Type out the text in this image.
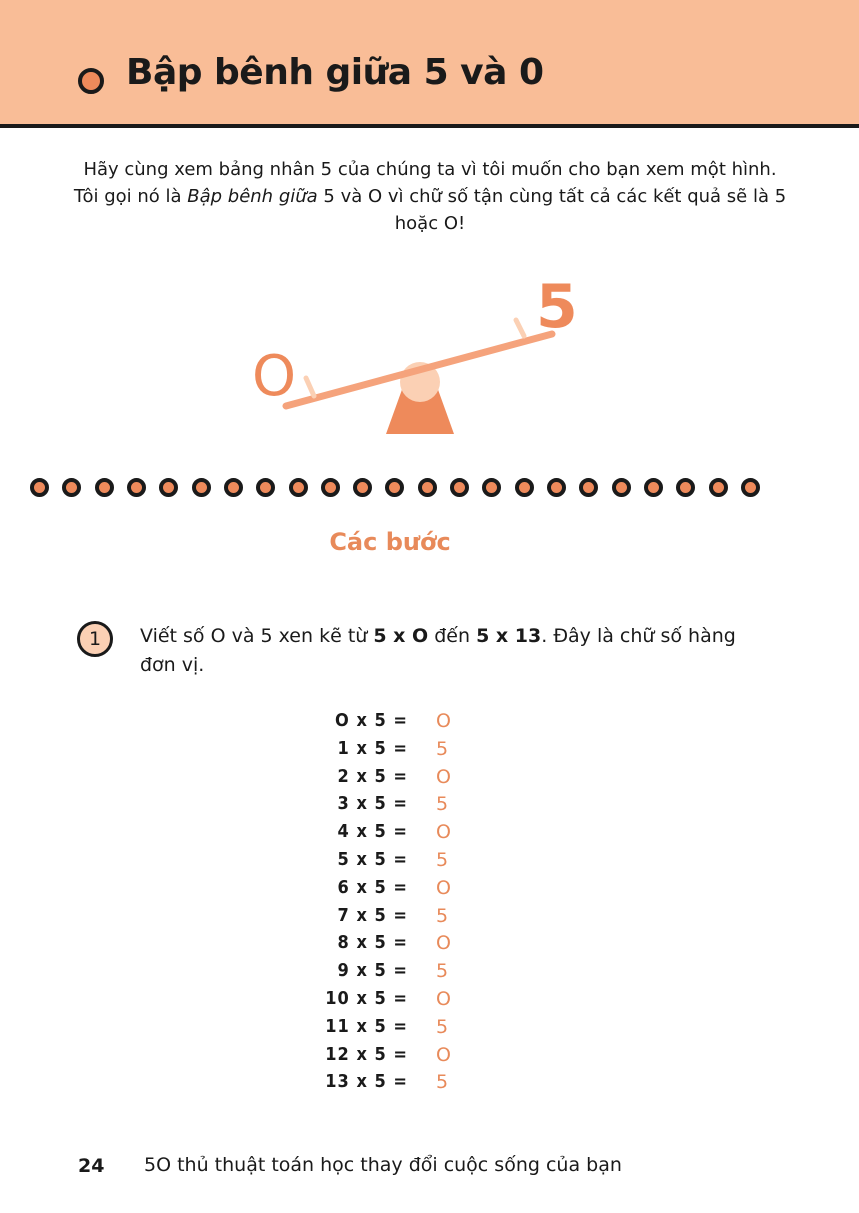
Bập bênh giữa 5 và 0
Hãy cùng xem bảng nhân 5 của chúng ta vì tôi muốn cho bạn xem một hình. Tôi gọi nó là Bập bênh giữa 5 và O vì chữ số tận cùng tất cả các kết quả sẽ là 5 hoặc O!
O
5
Các bước
1	Viết số O và 5 xen kẽ từ 5 x O đến 5 x 13. Đây là chữ số hàng đơn vị.
O x 5 = O
1 x 5 = 5
2 x 5 = O
3 x 5 = 5
4 x 5 = O
5 x 5 = 5
6 x 5 = O
7 x 5 = 5
8 x 5 = O
9 x 5 = 5
10 x 5 = O
11 x 5 = 5
12 x 5 = O
13 x 5 = 5
24 5O thủ thuật toán học thay đổi cuộc sống của bạn
